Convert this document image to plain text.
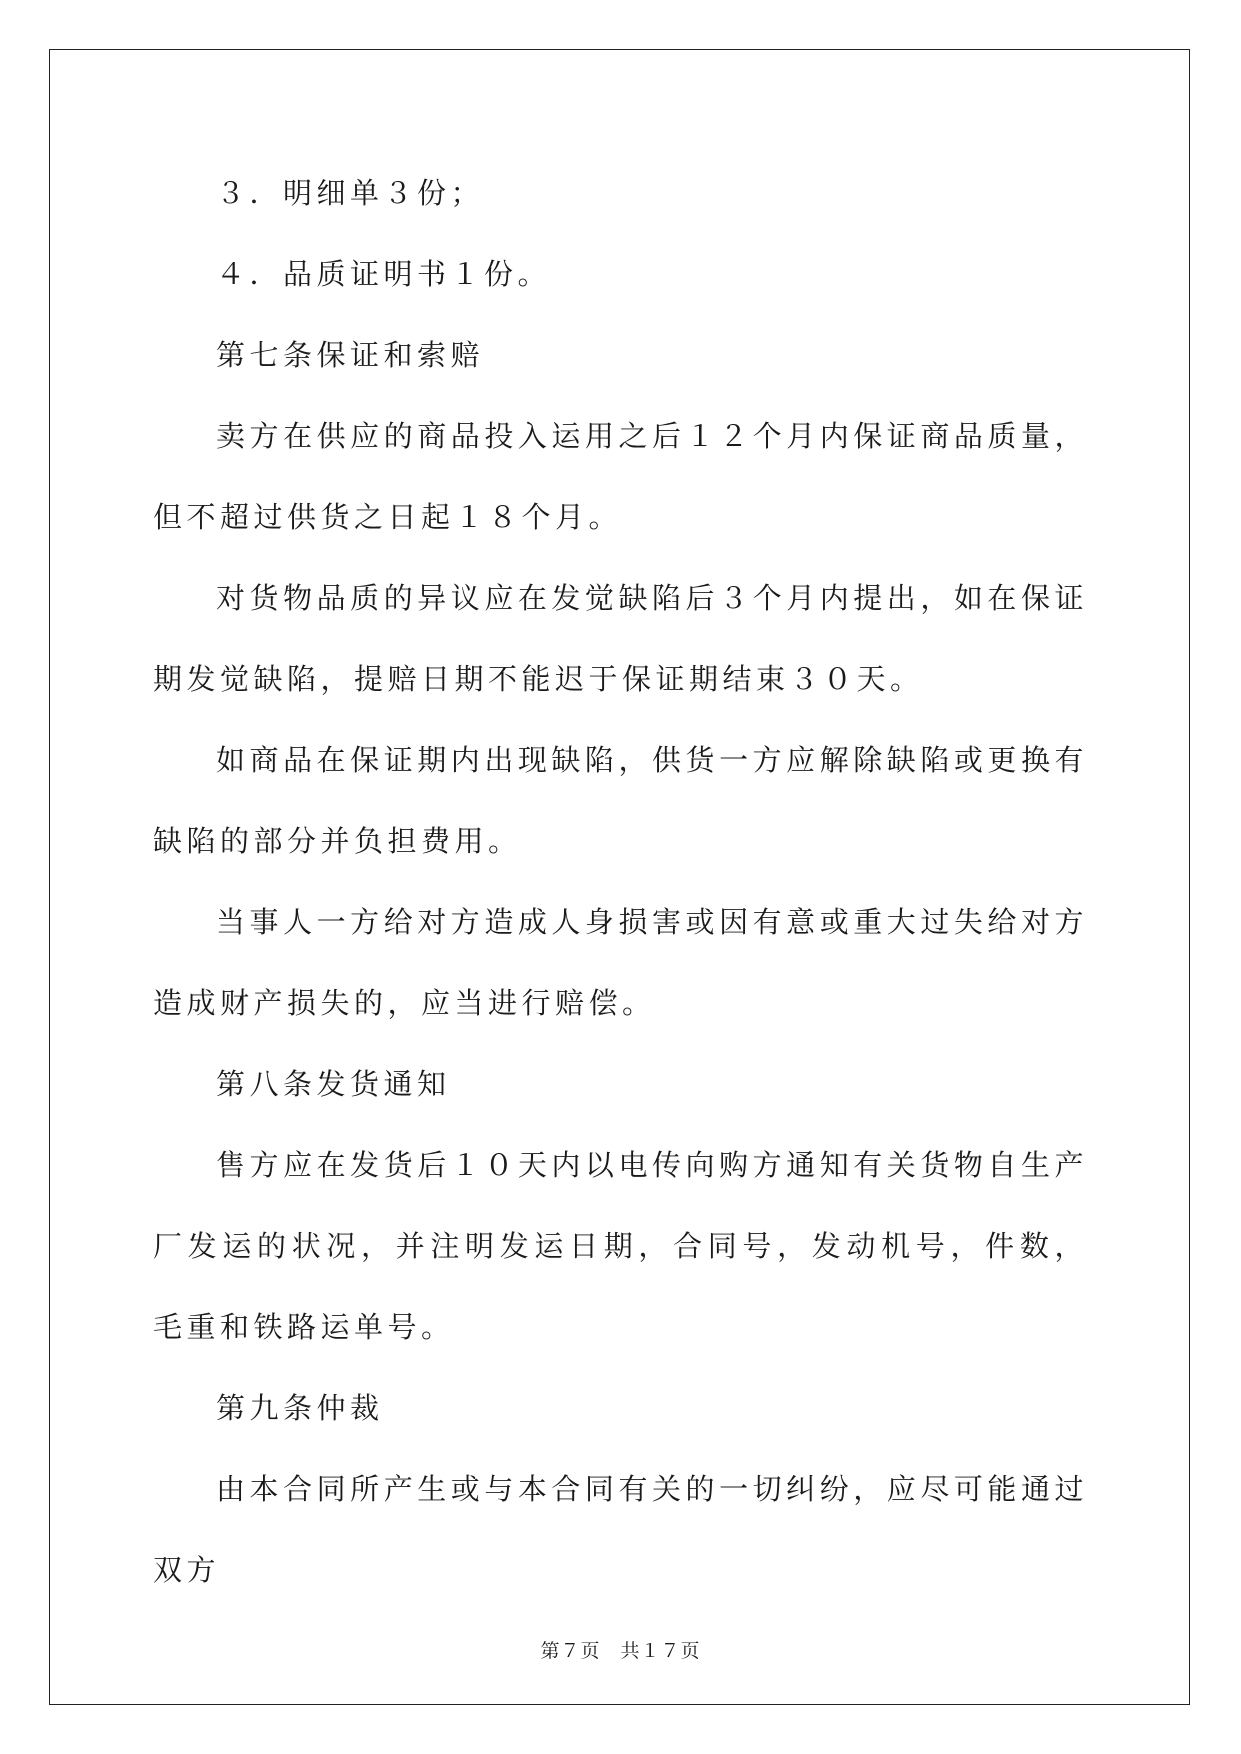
３．明细单３份；

４．品质证明书１份。

第七条保证和索赔

卖方在供应的商品投入运用之后１２个月内保证商品质量，但不超过供货之日起１８个月。

对货物品质的异议应在发觉缺陷后３个月内提出，如在保证期发觉缺陷，提赔日期不能迟于保证期结束３０天。

如商品在保证期内出现缺陷，供货一方应解除缺陷或更换有缺陷的部分并负担费用。

当事人一方给对方造成人身损害或因有意或重大过失给对方造成财产损失的，应当进行赔偿。

第八条发货通知

售方应在发货后１０天内以电传向购方通知有关货物自生产厂发运的状况，并注明发运日期，合同号，发动机号，件数，毛重和铁路运单号。

第九条仲裁

由本合同所产生或与本合同有关的一切纠纷，应尽可能通过双方

第７页 共１７页
